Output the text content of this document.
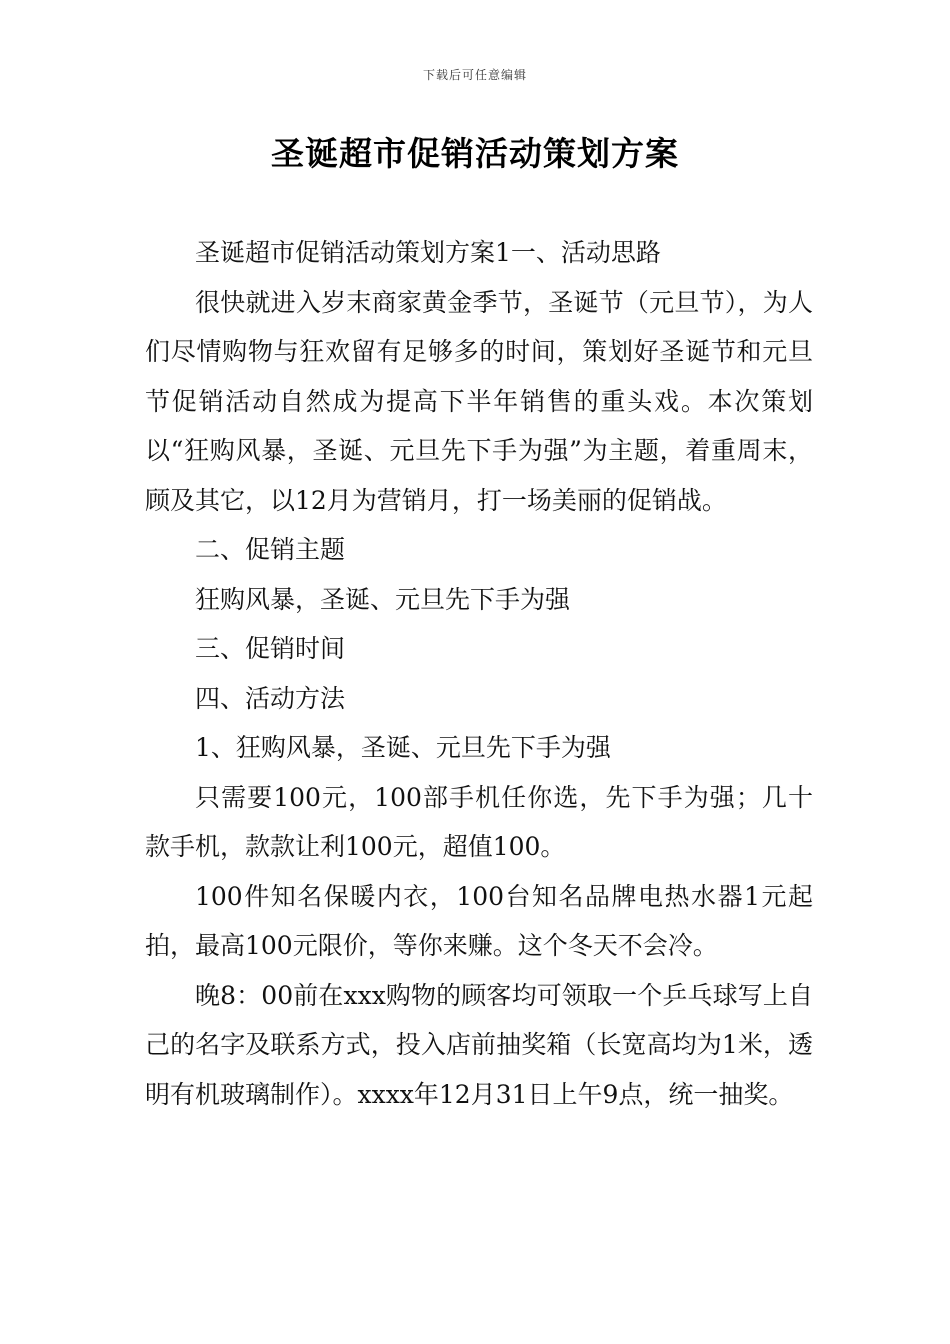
下载后可任意编辑
圣诞超市促销活动策划方案

圣诞超市促销活动策划方案1一、活动思路

很快就进入岁末商家黄金季节，圣诞节（元旦节），为人们尽情购物与狂欢留有足够多的时间，策划好圣诞节和元旦节促销活动自然成为提高下半年销售的重头戏。本次策划以“狂购风暴，圣诞、元旦先下手为强”为主题，着重周末，顾及其它，以12月为营销月，打一场美丽的促销战。

二、促销主题

狂购风暴，圣诞、元旦先下手为强

三、促销时间

四、活动方法

1、狂购风暴，圣诞、元旦先下手为强

只需要100元，100部手机任你选，先下手为强；几十款手机，款款让利100元，超值100。

100件知名保暖内衣，100台知名品牌电热水器1元起拍，最高100元限价，等你来赚。这个冬天不会冷。

晚8：00前在xxx购物的顾客均可领取一个乒乓球写上自己的名字及联系方式，投入店前抽奖箱（长宽高均为1米，透明有机玻璃制作）。xxxx年12月31日上午9点，统一抽奖。
